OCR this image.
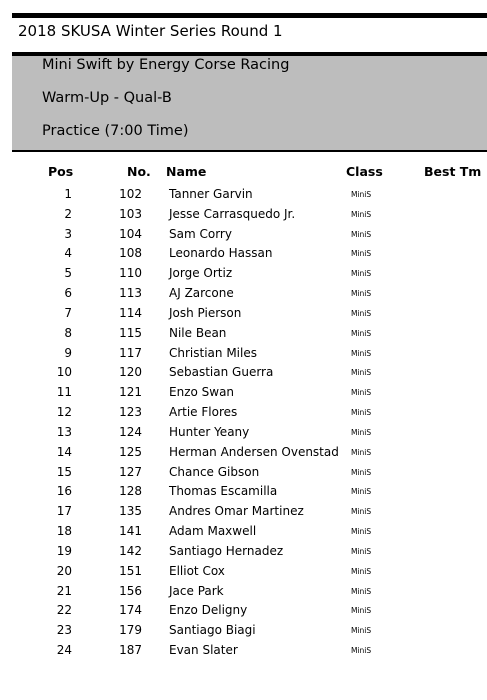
2018 SKUSA Winter Series Round 1
Mini Swift by Energy Corse Racing
Warm-Up - Qual-B
Practice (7:00 Time)
Pos	No. Name	Class	Best Tm
1	102 Tanner Garvin	MiniS
2	103 Jesse Carrasquedo Jr.	MiniS
3	104 Sam Corry	MiniS
4	108 Leonardo Hassan	MiniS
5	110 Jorge Ortiz	MiniS
6	113 AJ Zarcone	MiniS
7	114 Josh Pierson	MiniS
8	115 Nile Bean	MiniS
9	117 Christian Miles	MiniS
10	120 Sebastian Guerra	MiniS
11	121 Enzo Swan	MiniS
12	123 Artie Flores	MiniS
13	124 Hunter Yeany	MiniS
14	125 Herman Andersen Ovenstad MiniS
15	127 Chance Gibson	MiniS
16	128 Thomas Escamilla	MiniS
17	135 Andres Omar Martinez	MiniS
18	141 Adam Maxwell	MiniS
19	142 Santiago Hernadez	MiniS
20	151 Elliot Cox	MiniS
21	156 Jace Park	MiniS
22	174 Enzo Deligny	MiniS
23	179 Santiago Biagi	MiniS
24	187 Evan Slater	MiniS
